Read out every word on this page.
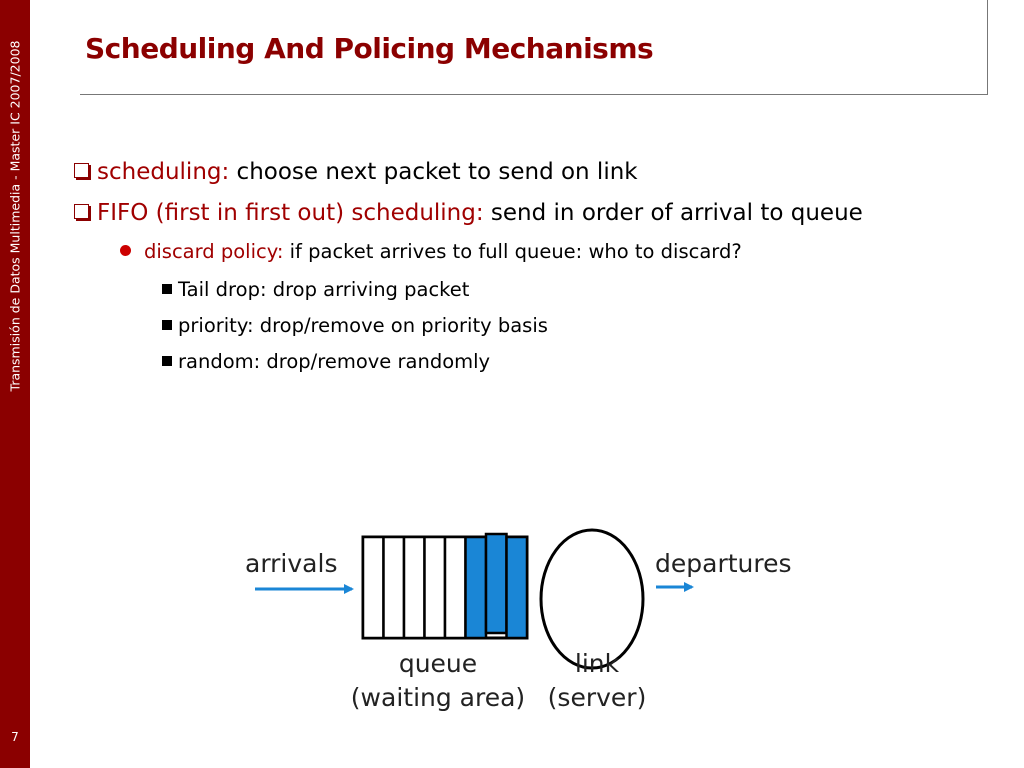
Transmisión de Datos Multimedia - Master IC 2007/2008
7
Scheduling And Policing Mechanisms
scheduling: choose next packet to send on link
FIFO (first in first out) scheduling: send in order of arrival to queue
discard policy: if packet arrives to full queue: who to discard?
Tail drop: drop arriving packet
priority: drop/remove on priority basis
random: drop/remove randomly
arrivals	departures
queue
(waiting area)
link
(server)
